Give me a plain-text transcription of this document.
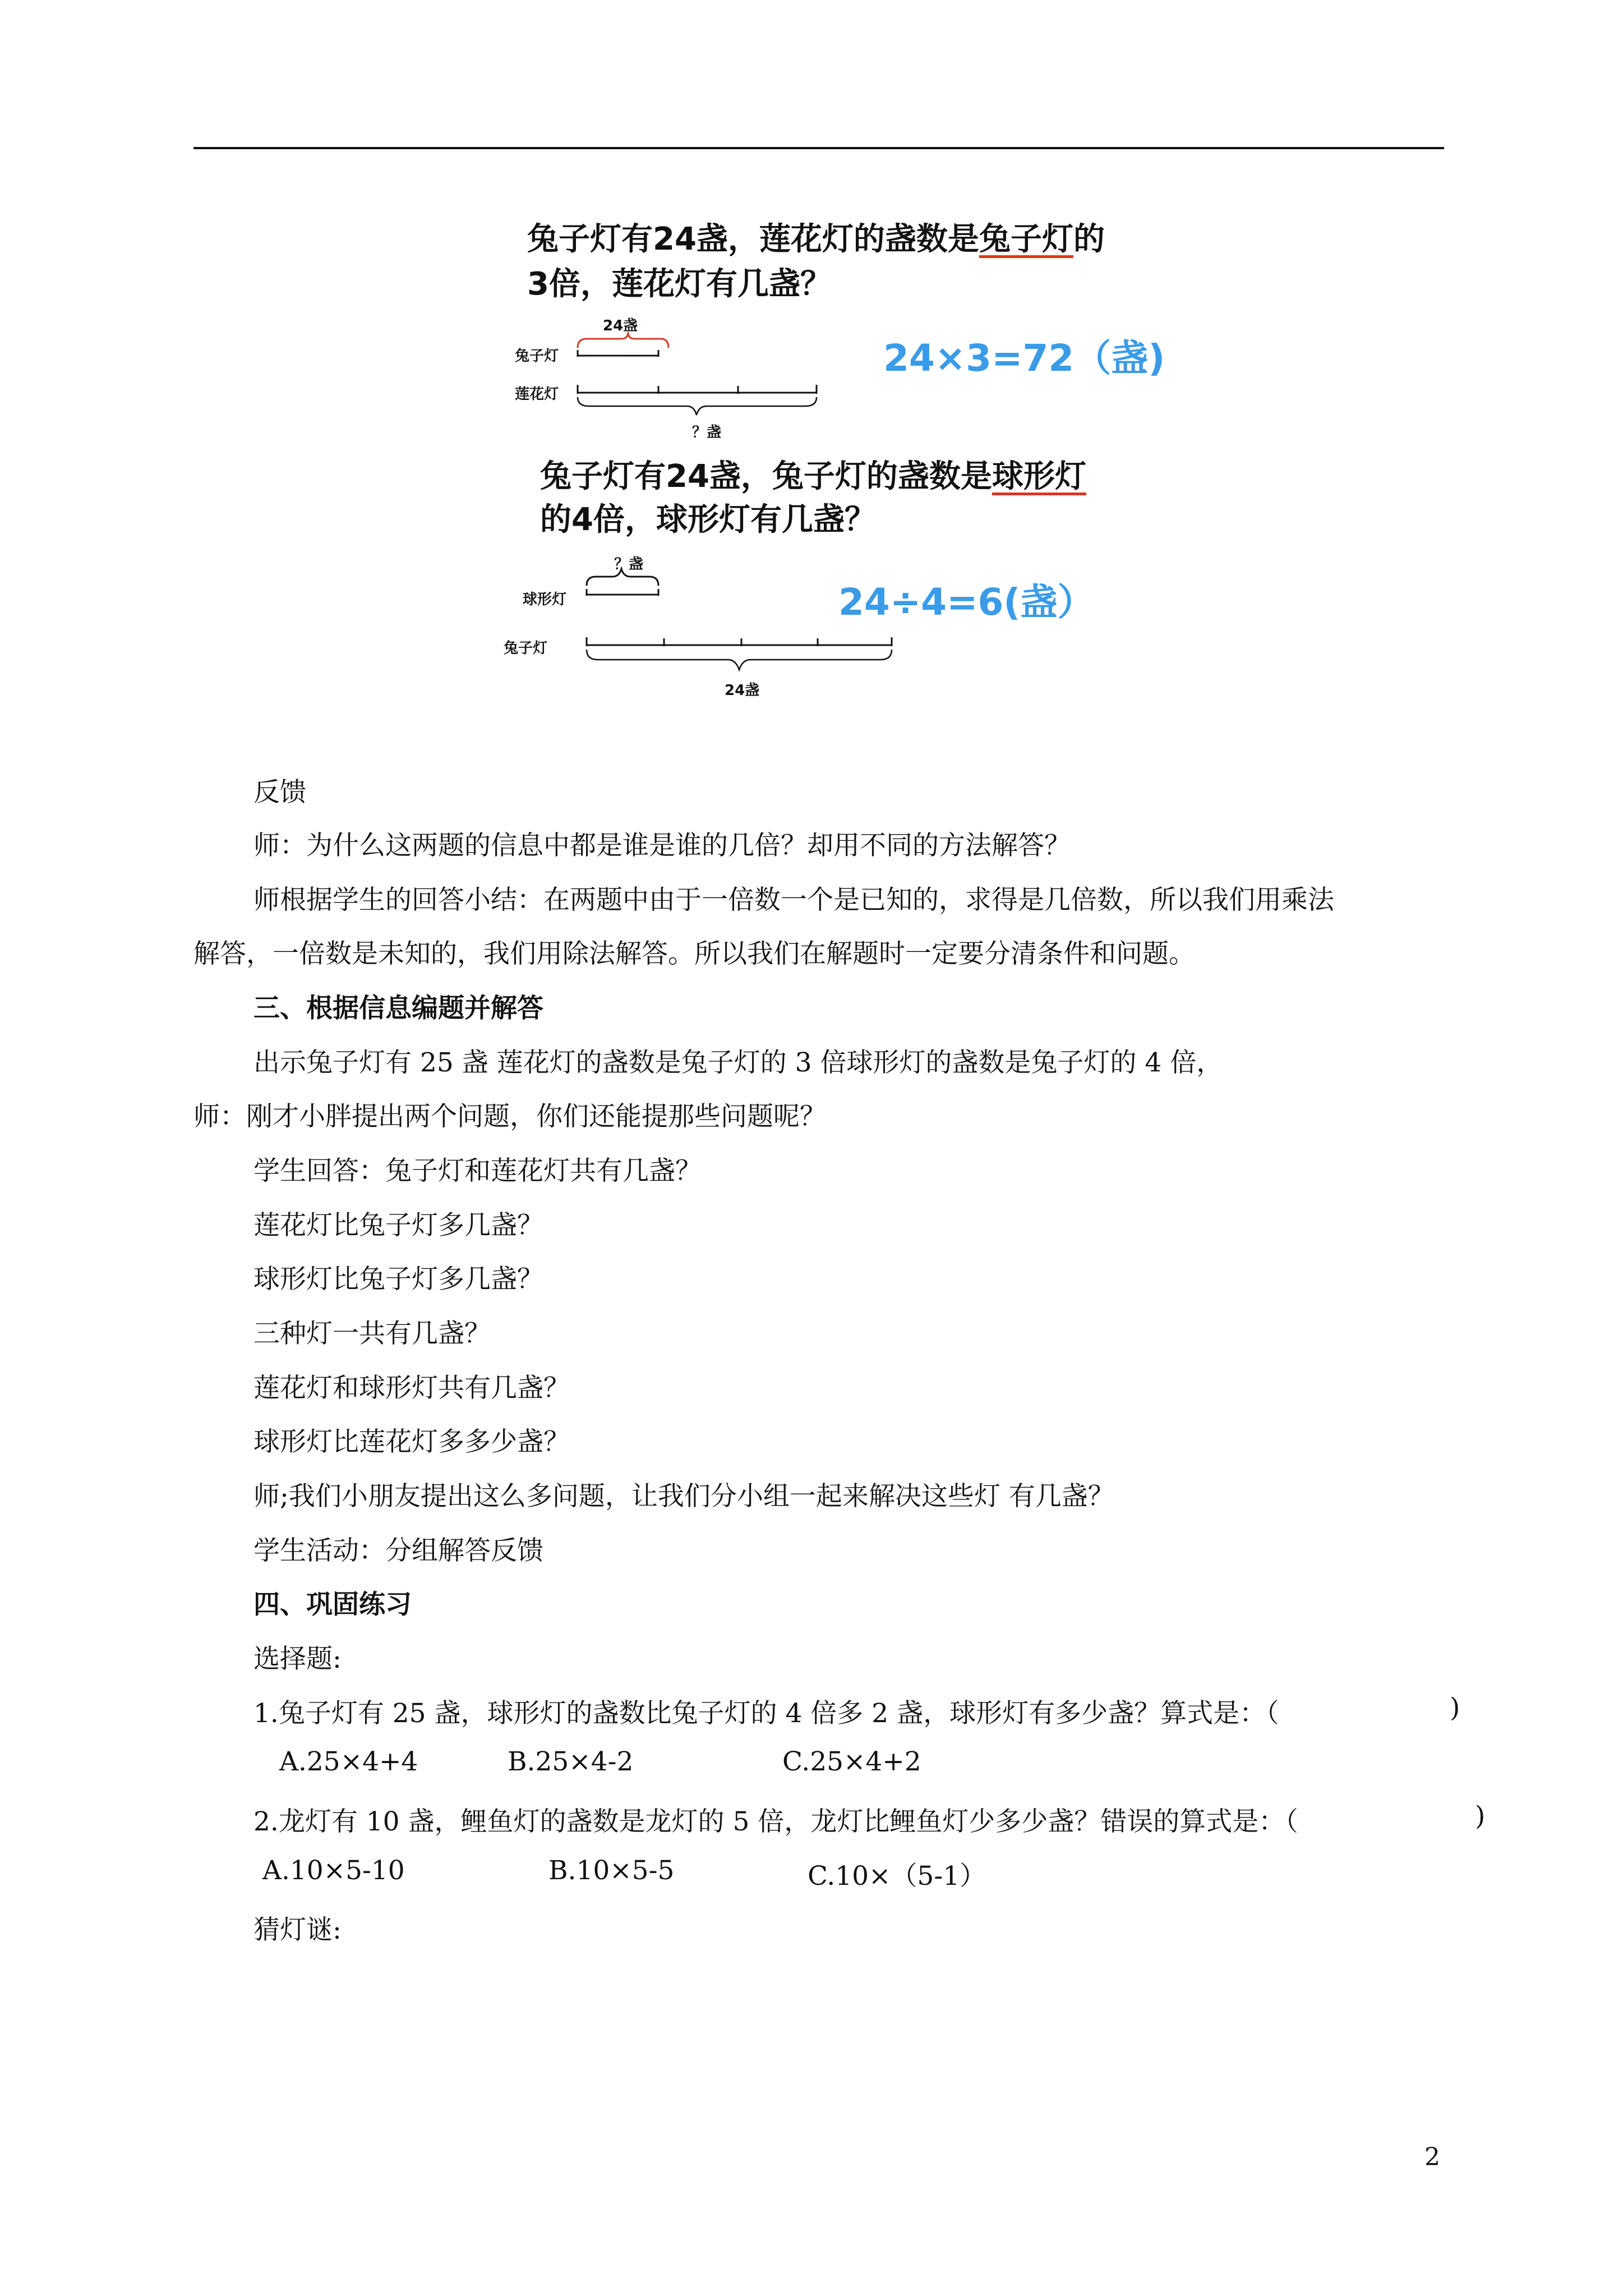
兔子灯有24盏，莲花灯的盏数是兔子灯的
3倍，莲花灯有几盏？
24盏
兔子灯
莲花灯
？盏
24×3=72（盏)
兔子灯有24盏，兔子灯的盏数是球形灯
的4倍，球形灯有几盏？
？盏
球形灯
兔子灯
24盏
24÷4=6(盏）
反馈
师：为什么这两题的信息中都是谁是谁的几倍？却用不同的方法解答？
师根据学生的回答小结：在两题中由于一倍数一个是已知的，求得是几倍数，所以我们用乘法
解答，一倍数是未知的，我们用除法解答。所以我们在解题时一定要分清条件和问题。
三、根据信息编题并解答
出示兔子灯有 25 盏 莲花灯的盏数是兔子灯的 3 倍球形灯的盏数是兔子灯的 4 倍，
师：刚才小胖提出两个问题，你们还能提那些问题呢？
学生回答：兔子灯和莲花灯共有几盏？
莲花灯比兔子灯多几盏？
球形灯比兔子灯多几盏？
三种灯一共有几盏？
莲花灯和球形灯共有几盏？
球形灯比莲花灯多多少盏？
师;我们小朋友提出这么多问题，让我们分小组一起来解决这些灯 有几盏？
学生活动：分组解答反馈
四、巩固练习
选择题:
1.兔子灯有 25 盏，球形灯的盏数比兔子灯的 4 倍多 2 盏，球形灯有多少盏？算式是：（	)
A.25×4+4	B.25×4-2	C.25×4+2
2.龙灯有 10 盏，鲤鱼灯的盏数是龙灯的 5 倍，龙灯比鲤鱼灯少多少盏？错误的算式是：（	)
A.10×5-10	B.10×5-5	C.10×（5-1）
猜灯谜:
2
